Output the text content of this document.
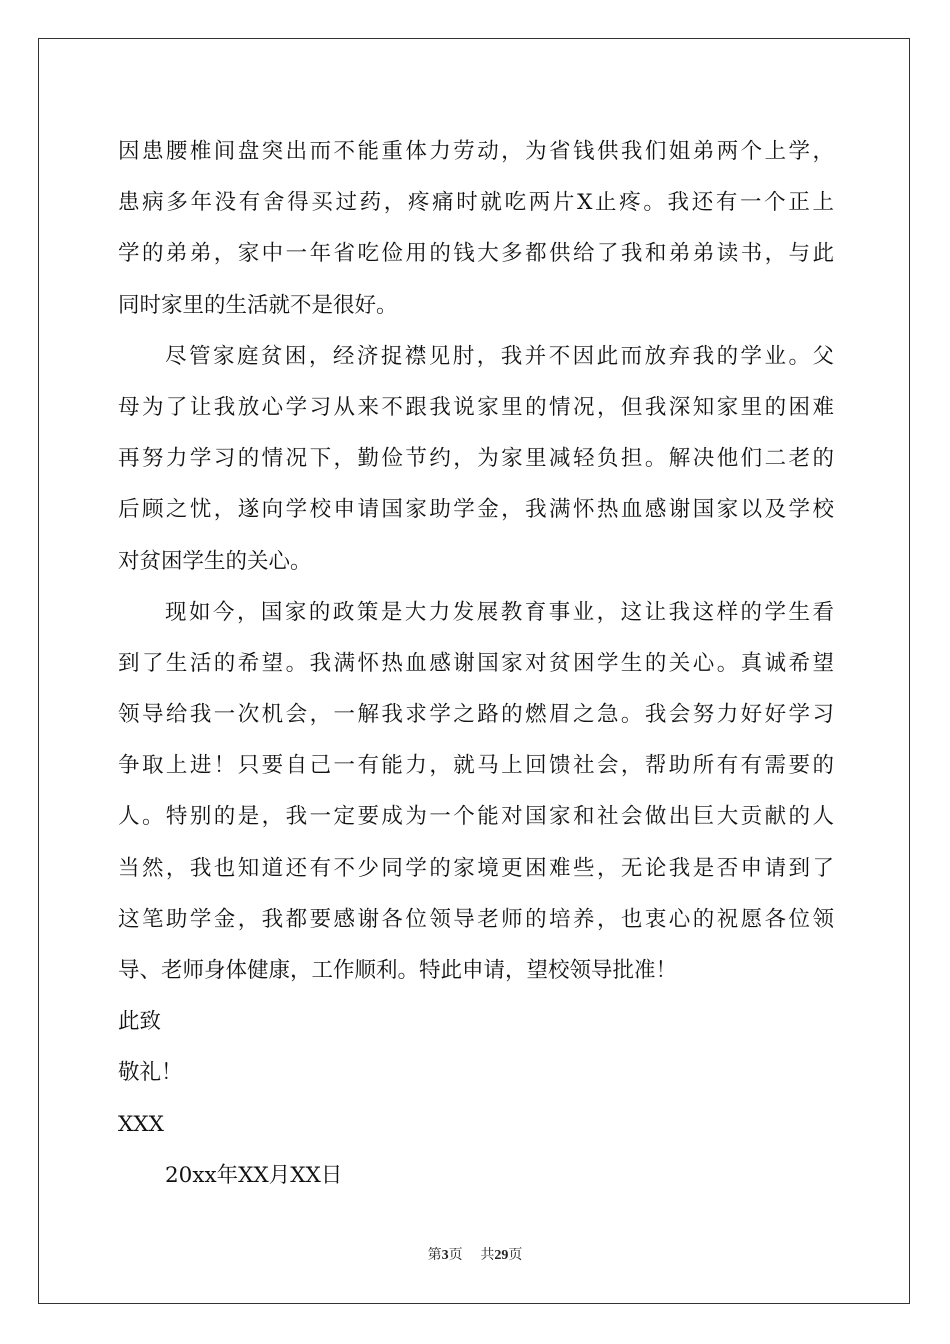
因患腰椎间盘突出而不能重体力劳动，为省钱供我们姐弟两个上学，
患病多年没有舍得买过药，疼痛时就吃两片X止疼。我还有一个正上
学的弟弟，家中一年省吃俭用的钱大多都供给了我和弟弟读书，与此
同时家里的生活就不是很好。
尽管家庭贫困，经济捉襟见肘，我并不因此而放弃我的学业。父
母为了让我放心学习从来不跟我说家里的情况，但我深知家里的困难
再努力学习的情况下，勤俭节约，为家里减轻负担。解决他们二老的
后顾之忧，遂向学校申请国家助学金，我满怀热血感谢国家以及学校
对贫困学生的关心。
现如今，国家的政策是大力发展教育事业，这让我这样的学生看
到了生活的希望。我满怀热血感谢国家对贫困学生的关心。真诚希望
领导给我一次机会，一解我求学之路的燃眉之急。我会努力好好学习
争取上进！只要自己一有能力，就马上回馈社会，帮助所有有需要的
人。特别的是，我一定要成为一个能对国家和社会做出巨大贡献的人
当然，我也知道还有不少同学的家境更困难些，无论我是否申请到了
这笔助学金，我都要感谢各位领导老师的培养，也衷心的祝愿各位领
导、老师身体健康，工作顺利。特此申请，望校领导批准！
此致
敬礼！
XXX
20xx年XX月XX日
第3页 共29页
